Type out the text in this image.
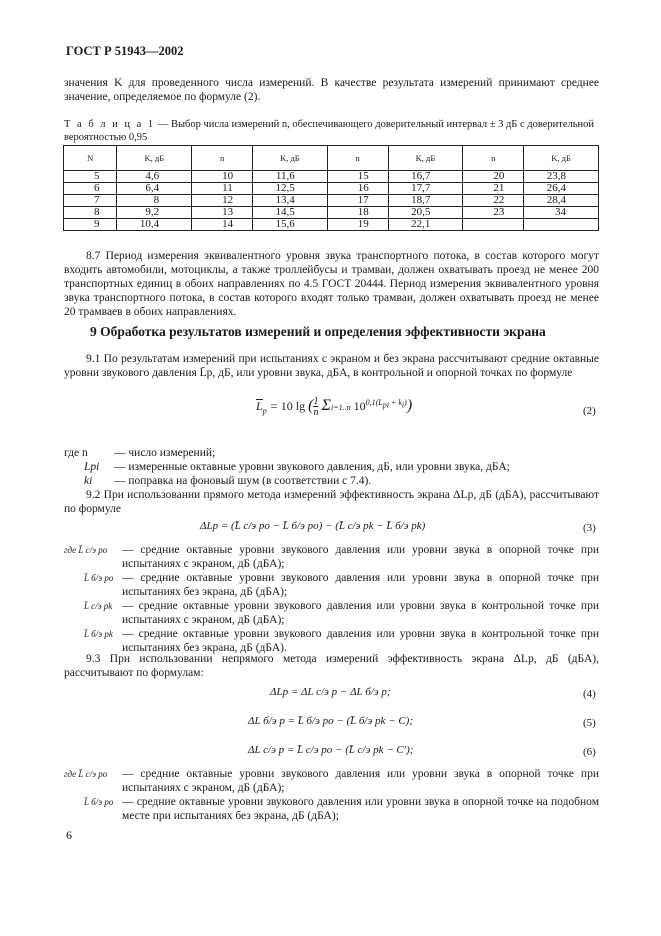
ГОСТ Р 51943—2002
значения K для проведенного числа измерений. В качестве результата измерений принимают среднее значение, определяемое по формуле (2).
Т а б л и ц а 1 — Выбор числа измерений n, обеспечивающего доверительный интервал ± 3 дБ с доверительной вероятностью 0,95
N	K, дБ	n	K, дБ	n	K, дБ	n	K, дБ
5	4,6	10	11,6	15	16,7	20	23,8
6	6,4	11	12,5	16	17,7	21	26,4
7	8	12	13,4	17	18,7	22	28,4
8	9,2	13	14,5	18	20,5	23	34
9	10,4	14	15,6	19	22,1		
8.7 Период измерения эквивалентного уровня звука транспортного потока, в состав которого могут входить автомобили, мотоциклы, а также троллейбусы и трамваи, должен охватывать проезд не менее 200 транспортных единиц в обоих направлениях по 4.5 ГОСТ 20444. Период измерения эквивалентного уровня звука транспортного потока, в состав которого входят только трамваи, должен охватывать проезд не менее 20 трамваев в обоих направлениях.
9 Обработка результатов измерений и определения эффективности экрана
9.1 По результатам измерений при испытаниях с экраном и без экрана рассчитывают средние октавные уровни звукового давления L̄p, дБ, или уровни звука, дБА, в контрольной и опорной точках по формуле
$L_p = 10$ lg (1
n Σi=1..n $10^{0,1(L_{pi} + k_i)}$)	(2)
где n — число измерений;
Lpi — измеренные октавные уровни звукового давления, дБ, или уровни звука, дБА;
ki — поправка на фоновый шум (в соответствии с 7.4).
9.2 При использовании прямого метода измерений эффективность экрана ΔLp, дБ (дБА), рассчитывают по формуле
ΔLp = (L̄ с/э po − L̄ б/э po) − (L̄ с/э pk − L̄ б/э pk)	(3)
где L̄ с/э po	— средние октавные уровни звукового давления или уровни звука в опорной точке при испытаниях с экраном, дБ (дБА);
L̄ б/э po — средние октавные уровни звукового давления или уровни звука в опорной точке при испытаниях без экрана, дБ (дБА);
L̄ с/э pk — средние октавные уровни звукового давления или уровни звука в контрольной точке при испытаниях с экраном, дБ (дБА);
L̄ б/э pk — средние октавные уровни звукового давления или уровни звука в контрольной точке при испытаниях без экрана, дБ (дБА).
9.3 При использовании непрямого метода измерений эффективность экрана ΔLp, дБ (дБА), рассчитывают по формулам:
ΔLp = ΔL с/э p − ΔL б/э p;	(4)
ΔL б/э p = L̄ б/э po − (L̄ б/э pk − C);	(5)
ΔL с/э p = L̄ с/э po − (L̄ с/э pk − C′);	(6)
где L̄ с/э po	— средние октавные уровни звукового давления или уровни звука в опорной точке при испытаниях с экраном, дБ (дБА);
L̄ б/э po — средние октавные уровни звукового давления или уровни звука в опорной точке на подобном месте при испытаниях без экрана, дБ (дБА);
6
